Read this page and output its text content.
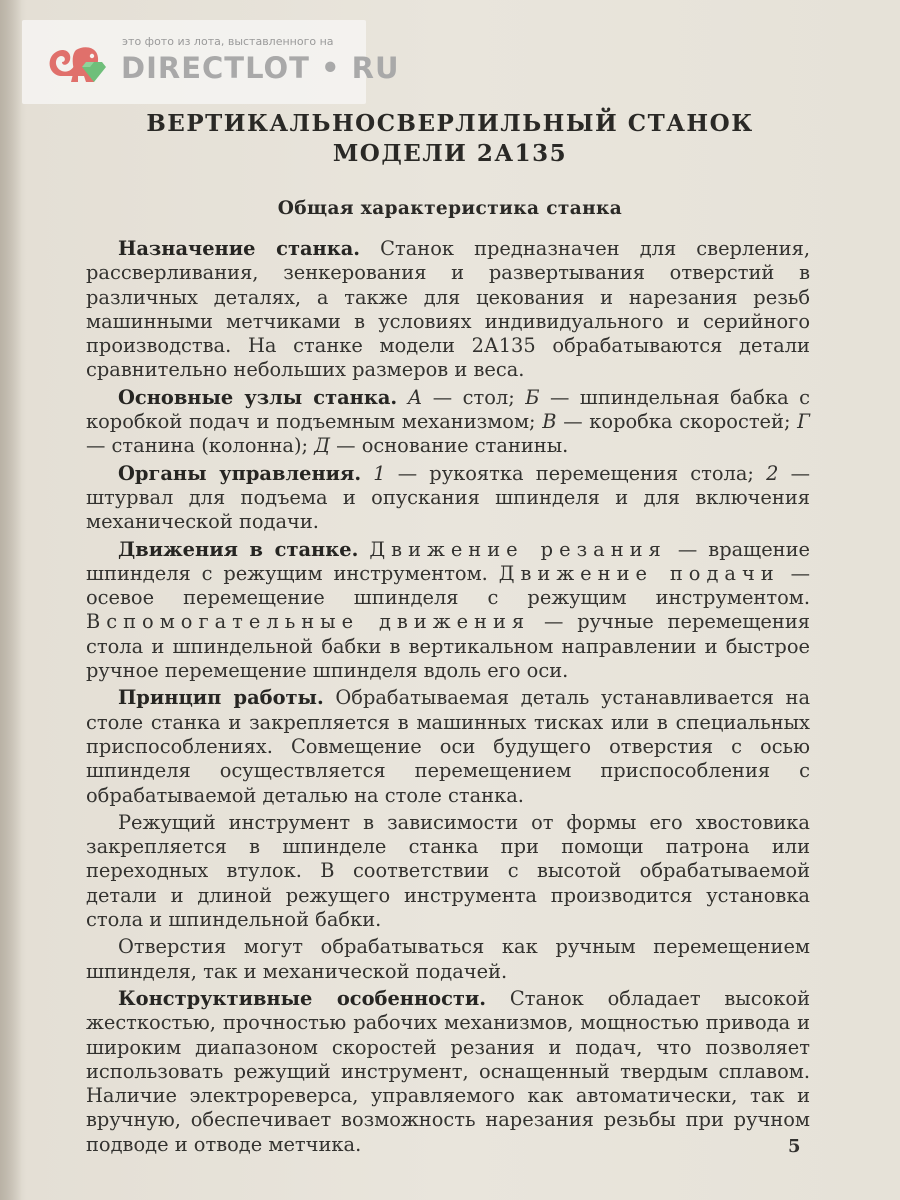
это фото из лота, выставленного на
DIRECTLOT • RU
ВЕРТИКАЛЬНОСВЕРЛИЛЬНЫЙ СТАНОК
МОДЕЛИ 2А135
Общая характеристика станка

Назначение станка. Станок предназначен для сверления, рассверливания, зенкерования и развертывания отверстий в различных деталях, а также для цекования и нарезания резьб машинными метчиками в условиях индивидуального и серийного производства. На станке модели 2А135 обрабатываются детали сравнительно небольших размеров и веса.

Основные узлы станка. А — стол; Б — шпиндельная бабка с коробкой подач и подъемным механизмом; В — коробка скоростей; Г — станина (колонна); Д — основание станины.

Органы управления. 1 — рукоятка перемещения стола; 2 — штурвал для подъема и опускания шпинделя и для включения механической подачи.

Движения в станке. Движение резания — вращение шпинделя с режущим инструментом. Движение подачи — осевое перемещение шпинделя с режущим инструментом. Вспомогательные движения — ручные перемещения стола и шпиндельной бабки в вертикальном направлении и быстрое ручное перемещение шпинделя вдоль его оси.

Принцип работы. Обрабатываемая деталь устанавливается на столе станка и закрепляется в машинных тисках или в специальных приспособлениях. Совмещение оси будущего отверстия с осью шпинделя осуществляется перемещением приспособления с обрабатываемой деталью на столе станка.

Режущий инструмент в зависимости от формы его хвостовика закрепляется в шпинделе станка при помощи патрона или переходных втулок. В соответствии с высотой обрабатываемой детали и длиной режущего инструмента производится установка стола и шпиндельной бабки.

Отверстия могут обрабатываться как ручным перемещением шпинделя, так и механической подачей.

Конструктивные особенности. Станок обладает высокой жесткостью, прочностью рабочих механизмов, мощностью привода и широким диапазоном скоростей резания и подач, что позволяет использовать режущий инструмент, оснащенный твердым сплавом. Наличие электрореверса, управляемого как автоматически, так и вручную, обеспечивает возможность нарезания резьбы при ручном подводе и отводе метчика.	5
